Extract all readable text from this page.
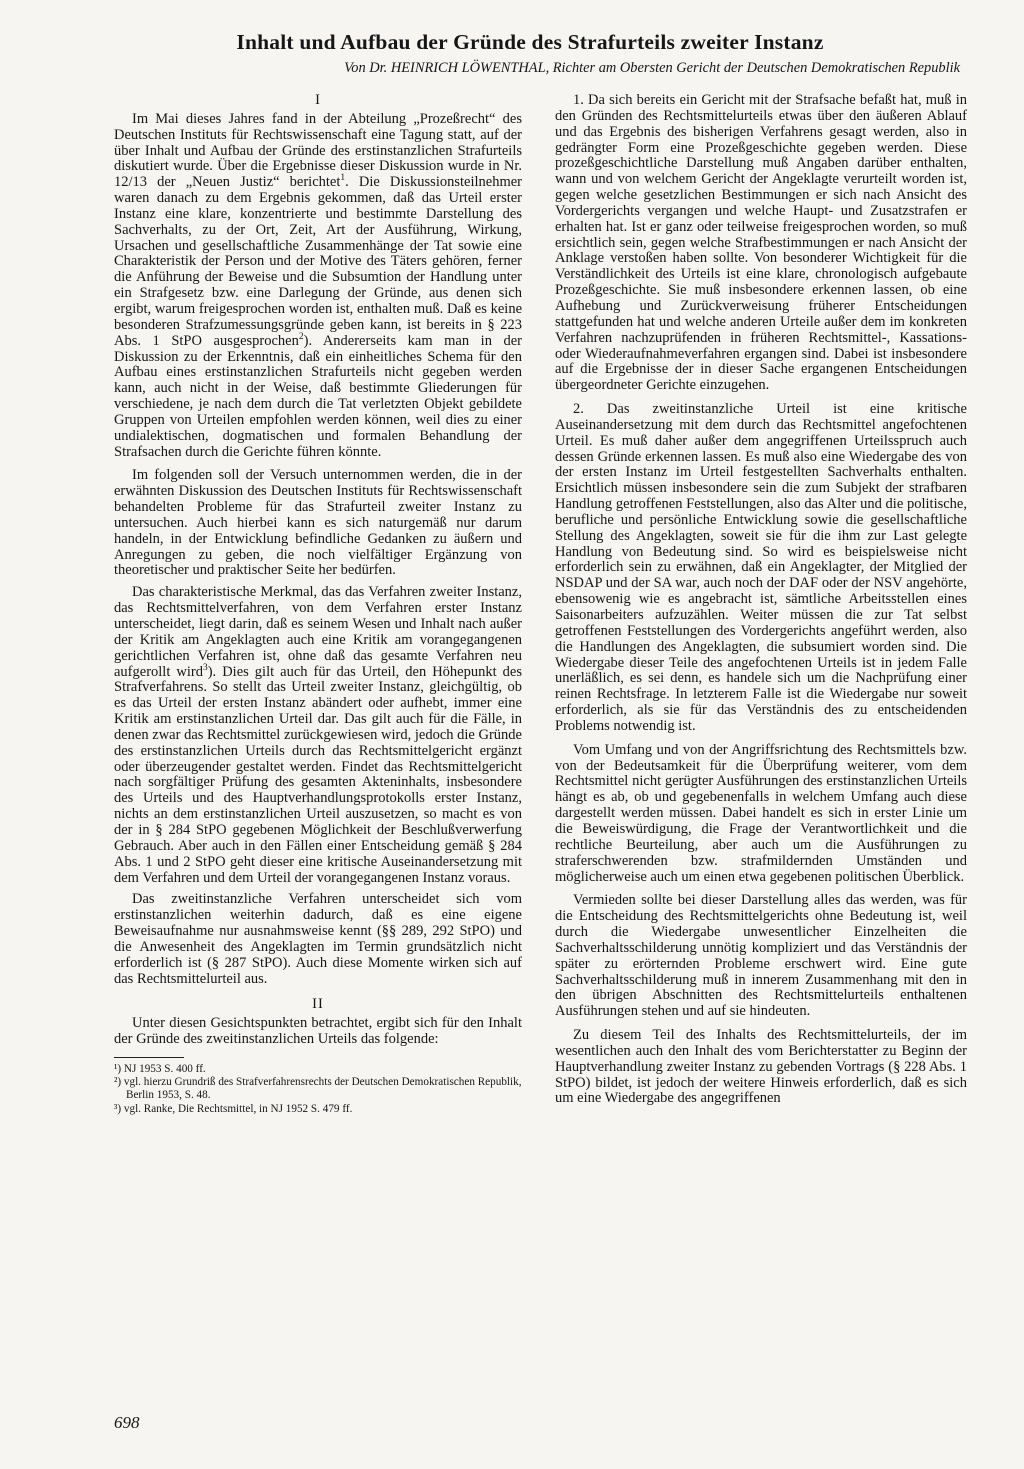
Inhalt und Aufbau der Gründe des Strafurteils zweiter Instanz
Von Dr. HEINRICH LÖWENTHAL, Richter am Obersten Gericht der Deutschen Demokratischen Republik
I

Im Mai dieses Jahres fand in der Abteilung „Prozeßrecht“ des Deutschen Instituts für Rechtswissenschaft eine Tagung statt, auf der über Inhalt und Aufbau der Gründe des erstinstanzlichen Strafurteils diskutiert wurde. Über die Ergebnisse dieser Diskussion wurde in Nr. 12/13 der „Neuen Justiz“ berichtet$^1$. Die Diskussionsteilnehmer waren danach zu dem Ergebnis gekommen, daß das Urteil erster Instanz eine klare, konzentrierte und bestimmte Darstellung des Sachverhalts, zu der Ort, Zeit, Art der Ausführung, Wirkung, Ursachen und gesellschaftliche Zusammenhänge der Tat sowie eine Charakteristik der Person und der Motive des Täters gehören, ferner die Anführung der Beweise und die Subsumtion der Handlung unter ein Strafgesetz bzw. eine Darlegung der Gründe, aus denen sich ergibt, warum freigesprochen worden ist, enthalten muß. Daß es keine besonderen Strafzumessungsgründe geben kann, ist bereits in § 223 Abs. 1 StPO ausgesprochen$^2$). Andererseits kam man in der Diskussion zu der Erkenntnis, daß ein einheitliches Schema für den Aufbau eines erstinstanzlichen Strafurteils nicht gegeben werden kann, auch nicht in der Weise, daß bestimmte Gliederungen für verschiedene, je nach dem durch die Tat verletzten Objekt gebildete Gruppen von Urteilen empfohlen werden können, weil dies zu einer undialektischen, dogmatischen und formalen Behandlung der Strafsachen durch die Gerichte führen könnte.

Im folgenden soll der Versuch unternommen werden, die in der erwähnten Diskussion des Deutschen Instituts für Rechtswissenschaft behandelten Probleme für das Strafurteil zweiter Instanz zu untersuchen. Auch hierbei kann es sich naturgemäß nur darum handeln, in der Entwicklung befindliche Gedanken zu äußern und Anregungen zu geben, die noch vielfältiger Ergänzung von theoretischer und praktischer Seite her bedürfen.

Das charakteristische Merkmal, das das Verfahren zweiter Instanz, das Rechtsmittelverfahren, von dem Verfahren erster Instanz unterscheidet, liegt darin, daß es seinem Wesen und Inhalt nach außer der Kritik am Angeklagten auch eine Kritik am vorangegangenen gerichtlichen Verfahren ist, ohne daß das gesamte Verfahren neu aufgerollt wird$^3$). Dies gilt auch für das Urteil, den Höhepunkt des Strafverfahrens. So stellt das Urteil zweiter Instanz, gleichgültig, ob es das Urteil der ersten Instanz abändert oder aufhebt, immer eine Kritik am erstinstanzlichen Urteil dar. Das gilt auch für die Fälle, in denen zwar das Rechtsmittel zurückgewiesen wird, jedoch die Gründe des erstinstanzlichen Urteils durch das Rechtsmittelgericht ergänzt oder überzeugender gestaltet werden. Findet das Rechtsmittelgericht nach sorgfältiger Prüfung des gesamten Akteninhalts, insbesondere des Urteils und des Hauptverhandlungsprotokolls erster Instanz, nichts an dem erstinstanzlichen Urteil auszusetzen, so macht es von der in § 284 StPO gegebenen Möglichkeit der Beschlußverwerfung Gebrauch. Aber auch in den Fällen einer Entscheidung gemäß § 284 Abs. 1 und 2 StPO geht dieser eine kritische Auseinandersetzung mit dem Verfahren und dem Urteil der vorangegangenen Instanz voraus.

Das zweitinstanzliche Verfahren unterscheidet sich vom erstinstanzlichen weiterhin dadurch, daß es eine eigene Beweisaufnahme nur ausnahmsweise kennt (§§ 289, 292 StPO) und die Anwesenheit des Angeklagten im Termin grundsätzlich nicht erforderlich ist (§ 287 StPO). Auch diese Momente wirken sich auf das Rechtsmittelurteil aus.

II

Unter diesen Gesichtspunkten betrachtet, ergibt sich für den Inhalt der Gründe des zweitinstanzlichen Urteils das folgende:

¹) NJ 1953 S. 400 ff.

²) vgl. hierzu Grundriß des Strafverfahrensrechts der Deutschen Demokratischen Republik, Berlin 1953, S. 48.

³) vgl. Ranke, Die Rechtsmittel, in NJ 1952 S. 479 ff.

1. Da sich bereits ein Gericht mit der Strafsache befaßt hat, muß in den Gründen des Rechtsmittelurteils etwas über den äußeren Ablauf und das Ergebnis des bisherigen Verfahrens gesagt werden, also in gedrängter Form eine Prozeßgeschichte gegeben werden. Diese prozeßgeschichtliche Darstellung muß Angaben darüber enthalten, wann und von welchem Gericht der Angeklagte verurteilt worden ist, gegen welche gesetzlichen Bestimmungen er sich nach Ansicht des Vordergerichts vergangen und welche Haupt- und Zusatzstrafen er erhalten hat. Ist er ganz oder teilweise freigesprochen worden, so muß ersichtlich sein, gegen welche Strafbestimmungen er nach Ansicht der Anklage verstoßen haben sollte. Von besonderer Wichtigkeit für die Verständlichkeit des Urteils ist eine klare, chronologisch aufgebaute Prozeßgeschichte. Sie muß insbesondere erkennen lassen, ob eine Aufhebung und Zurückverweisung früherer Entscheidungen stattgefunden hat und welche anderen Urteile außer dem im konkreten Verfahren nachzuprüfenden in früheren Rechtsmittel-, Kassations- oder Wiederaufnahmeverfahren ergangen sind. Dabei ist insbesondere auf die Ergebnisse der in dieser Sache ergangenen Entscheidungen übergeordneter Gerichte einzugehen.

2. Das zweitinstanzliche Urteil ist eine kritische Auseinandersetzung mit dem durch das Rechtsmittel angefochtenen Urteil. Es muß daher außer dem angegriffenen Urteilsspruch auch dessen Gründe erkennen lassen. Es muß also eine Wiedergabe des von der ersten Instanz im Urteil festgestellten Sachverhalts enthalten. Ersichtlich müssen insbesondere sein die zum Subjekt der strafbaren Handlung getroffenen Feststellungen, also das Alter und die politische, berufliche und persönliche Entwicklung sowie die gesellschaftliche Stellung des Angeklagten, soweit sie für die ihm zur Last gelegte Handlung von Bedeutung sind. So wird es beispielsweise nicht erforderlich sein zu erwähnen, daß ein Angeklagter, der Mitglied der NSDAP und der SA war, auch noch der DAF oder der NSV angehörte, ebensowenig wie es angebracht ist, sämtliche Arbeitsstellen eines Saisonarbeiters aufzuzählen. Weiter müssen die zur Tat selbst getroffenen Feststellungen des Vordergerichts angeführt werden, also die Handlungen des Angeklagten, die subsumiert worden sind. Die Wiedergabe dieser Teile des angefochtenen Urteils ist in jedem Falle unerläßlich, es sei denn, es handele sich um die Nachprüfung einer reinen Rechtsfrage. In letzterem Falle ist die Wiedergabe nur soweit erforderlich, als sie für das Verständnis des zu entscheidenden Problems notwendig ist.

Vom Umfang und von der Angriffsrichtung des Rechtsmittels bzw. von der Bedeutsamkeit für die Überprüfung weiterer, vom dem Rechtsmittel nicht gerügter Ausführungen des erstinstanzlichen Urteils hängt es ab, ob und gegebenenfalls in welchem Umfang auch diese dargestellt werden müssen. Dabei handelt es sich in erster Linie um die Beweiswürdigung, die Frage der Verantwortlichkeit und die rechtliche Beurteilung, aber auch um die Ausführungen zu straferschwerenden bzw. strafmildernden Umständen und möglicherweise auch um einen etwa gegebenen politischen Überblick.

Vermieden sollte bei dieser Darstellung alles das werden, was für die Entscheidung des Rechtsmittelgerichts ohne Bedeutung ist, weil durch die Wiedergabe unwesentlicher Einzelheiten die Sachverhaltsschilderung unnötig kompliziert und das Verständnis der später zu erörternden Probleme erschwert wird. Eine gute Sachverhaltsschilderung muß in innerem Zusammenhang mit den in den übrigen Abschnitten des Rechtsmittelurteils enthaltenen Ausführungen stehen und auf sie hindeuten.

Zu diesem Teil des Inhalts des Rechtsmittelurteils, der im wesentlichen auch den Inhalt des vom Berichterstatter zu Beginn der Hauptverhandlung zweiter Instanz zu gebenden Vortrags (§ 228 Abs. 1 StPO) bildet, ist jedoch der weitere Hinweis erforderlich, daß es sich um eine Wiedergabe des angegriffenen

698
